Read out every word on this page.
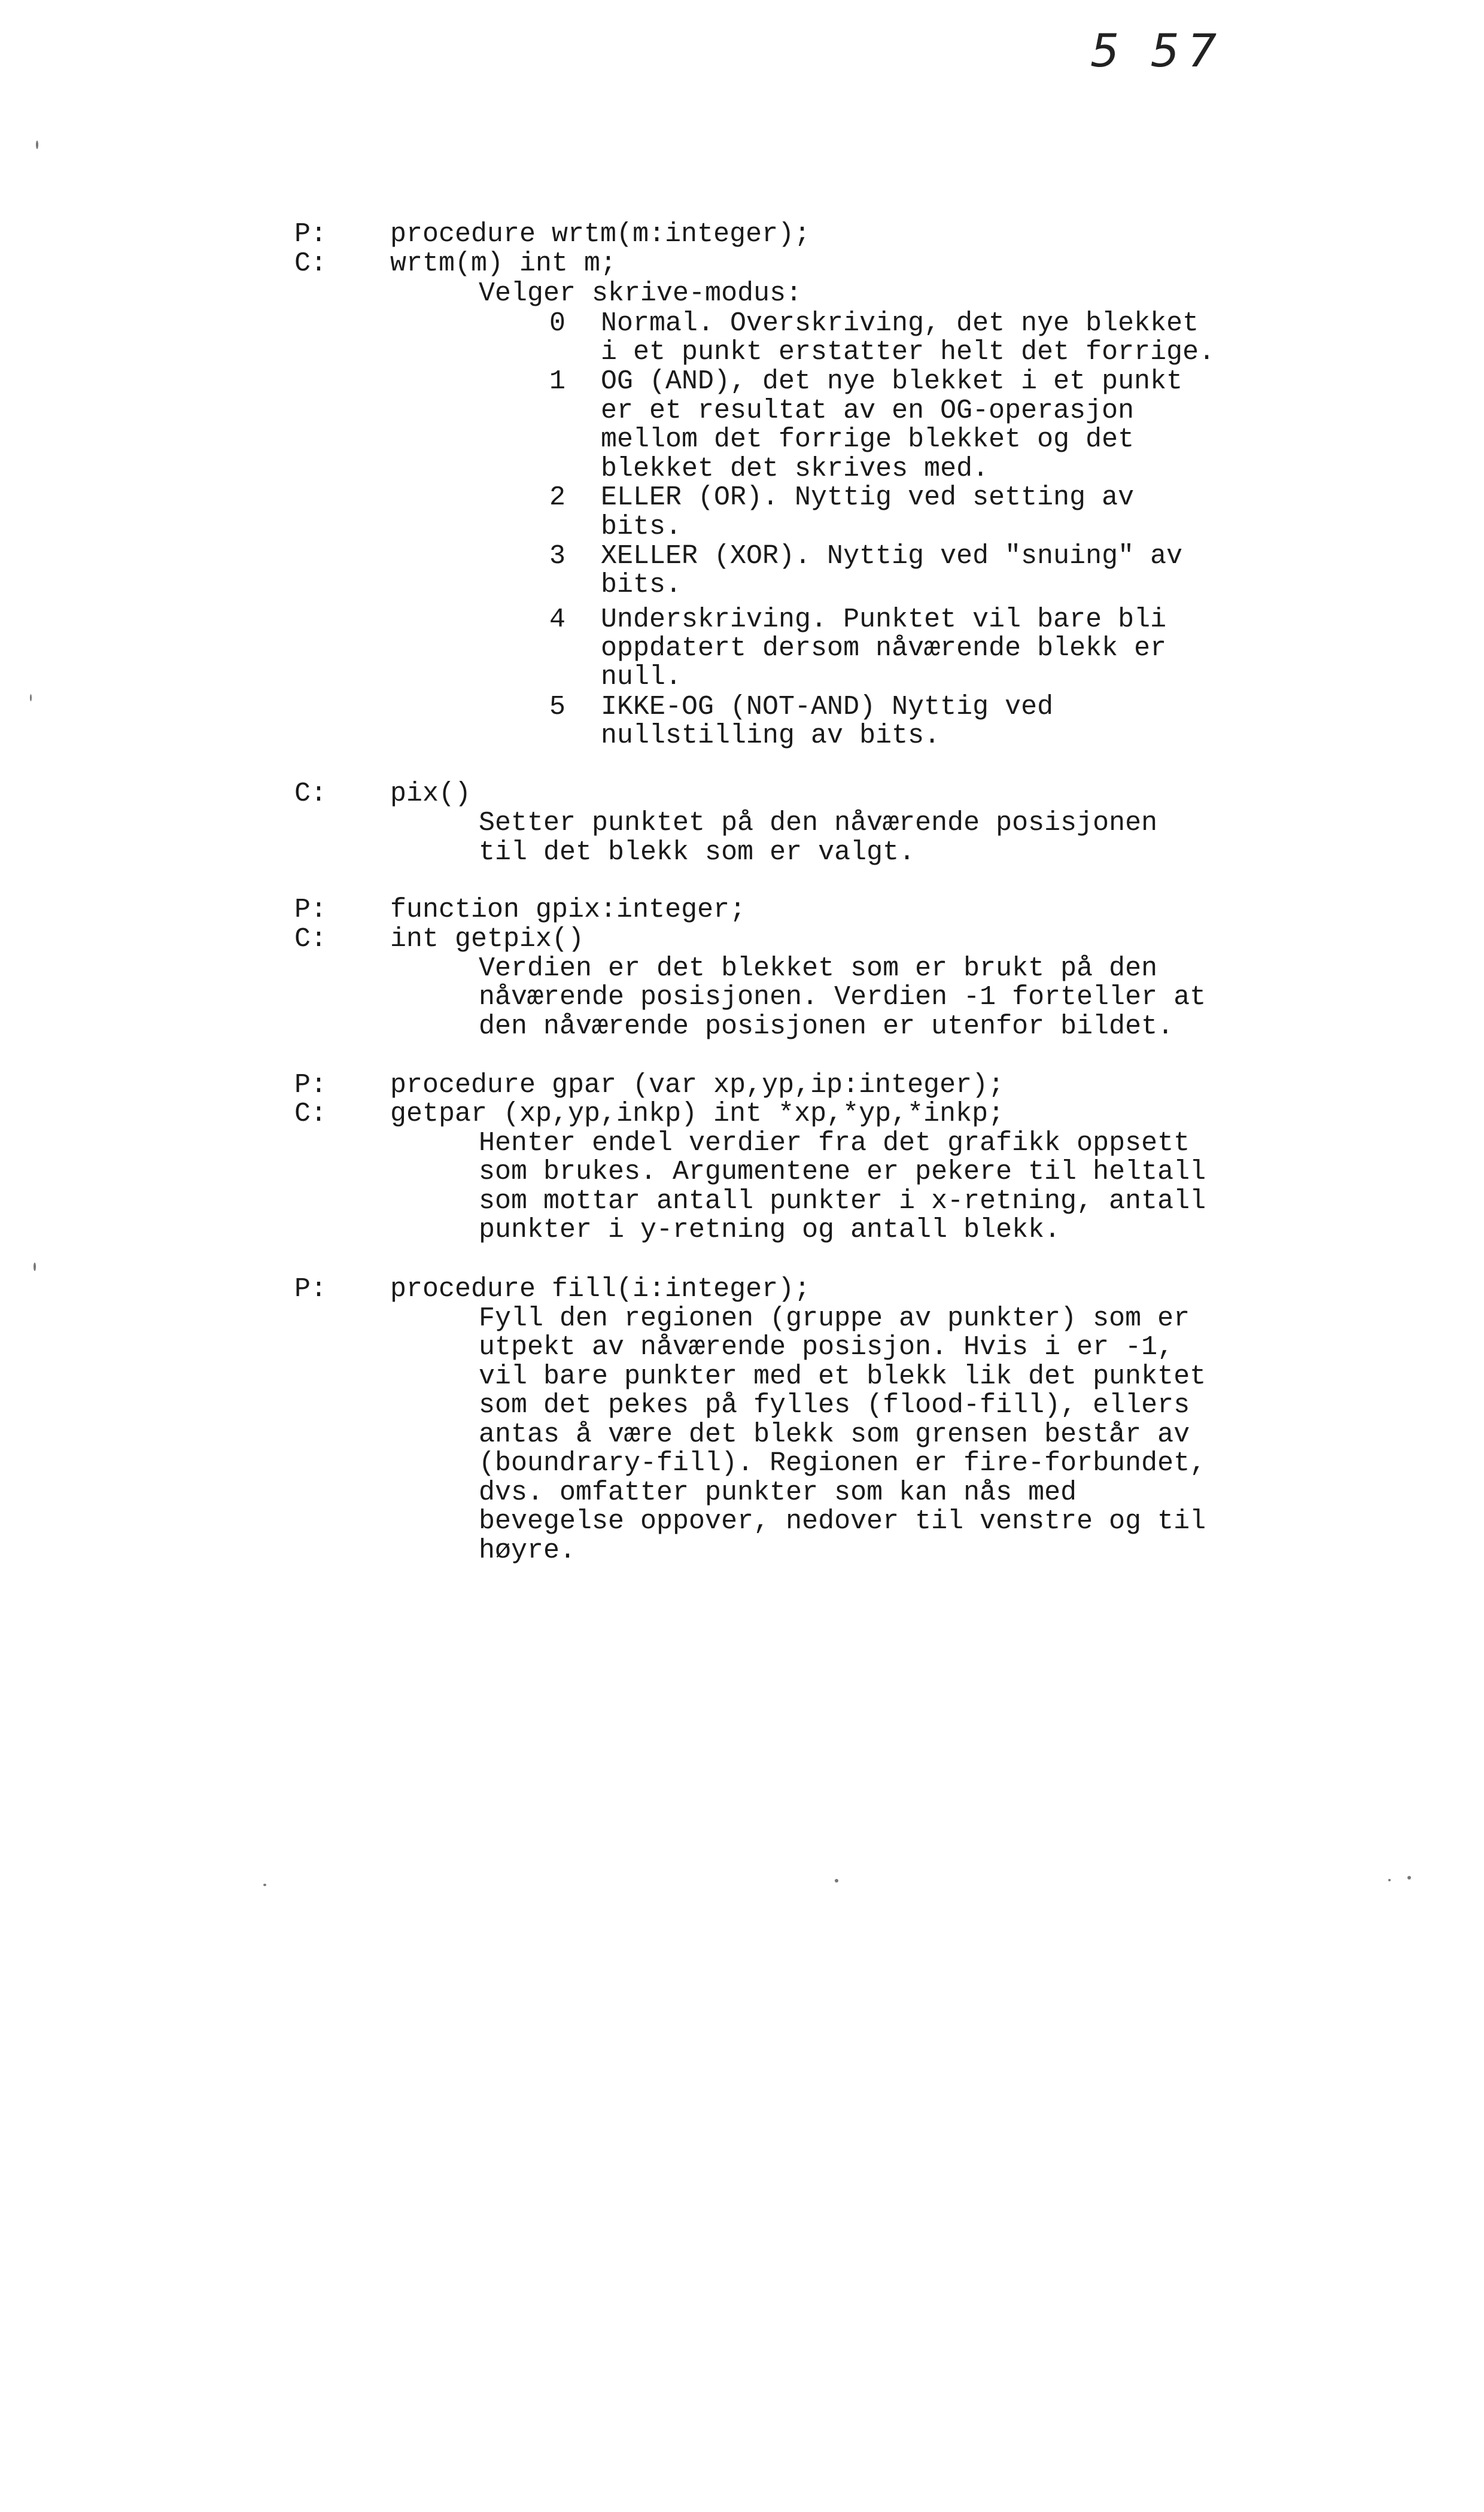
5 57
P:
C:
procedure wrtm(m:integer);
wrtm(m) int m;
Velger skrive-modus:
0 Normal. Overskriving, det nye blekket
i et punkt erstatter helt det forrige.
1 OG (AND), det nye blekket i et punkt
er et resultat av en OG-operasjon
mellom det forrige blekket og det
blekket det skrives med.
2 ELLER (OR). Nyttig ved setting av
bits.
3 XELLER (XOR). Nyttig ved "snuing" av
bits.
4 Underskriving. Punktet vil bare bli
oppdatert dersom nåværende blekk er
null.
5 IKKE-OG (NOT-AND) Nyttig ved
nullstilling av bits.
C: pix()
Setter punktet på den nåværende posisjonen
til det blekk som er valgt.
P:
C:
function gpix:integer;
int getpix()
Verdien er det blekket som er brukt på den
nåværende posisjonen. Verdien -1 forteller at
den nåværende posisjonen er utenfor bildet.
P:
C:
procedure gpar (var xp,yp,ip:integer);
getpar (xp,yp,inkp) int *xp,*yp,*inkp;
Henter endel verdier fra det grafikk oppsett
som brukes. Argumentene er pekere til heltall
som mottar antall punkter i x-retning, antall
punkter i y-retning og antall blekk.
P: procedure fill(i:integer);
Fyll den regionen (gruppe av punkter) som er
utpekt av nåværende posisjon. Hvis i er -1,
vil bare punkter med et blekk lik det punktet
som det pekes på fylles (flood-fill), ellers
antas å være det blekk som grensen består av
(boundrary-fill). Regionen er fire-forbundet,
dvs. omfatter punkter som kan nås med
bevegelse oppover, nedover til venstre og til
høyre.
